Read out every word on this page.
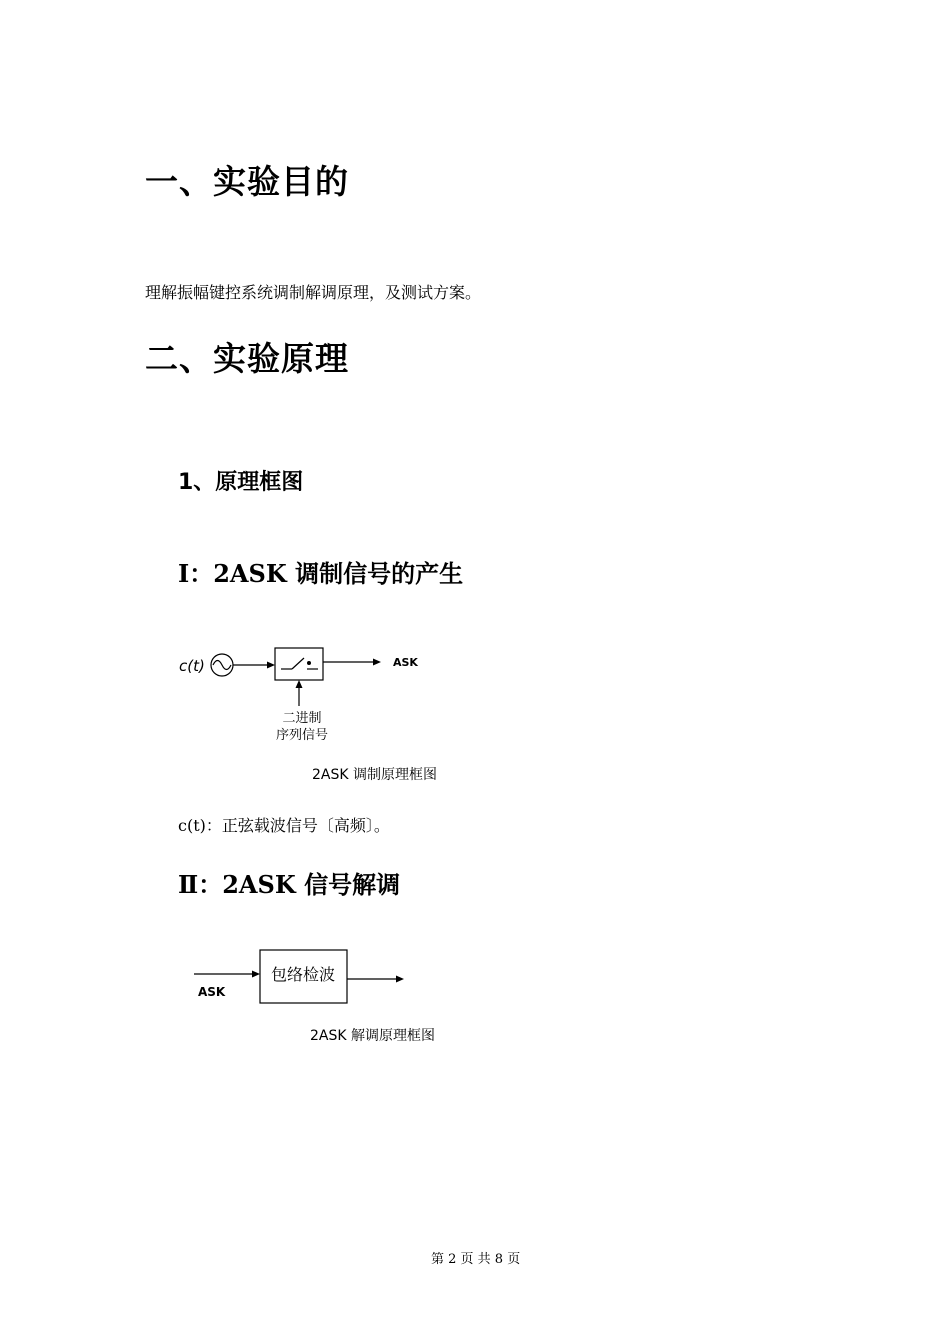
一、实验目的
理解振幅键控系统调制解调原理，及测试方案。
二、实验原理
1、原理框图
Ⅰ：2ASK 调制信号的产生
c(t)	ASK
二进制
序列信号
2ASK 调制原理框图
c(t)：正弦载波信号〔高频〕。
Ⅱ：2ASK 信号解调
ASK
包络检波
2ASK 解调原理框图
第 2 页 共 8 页
